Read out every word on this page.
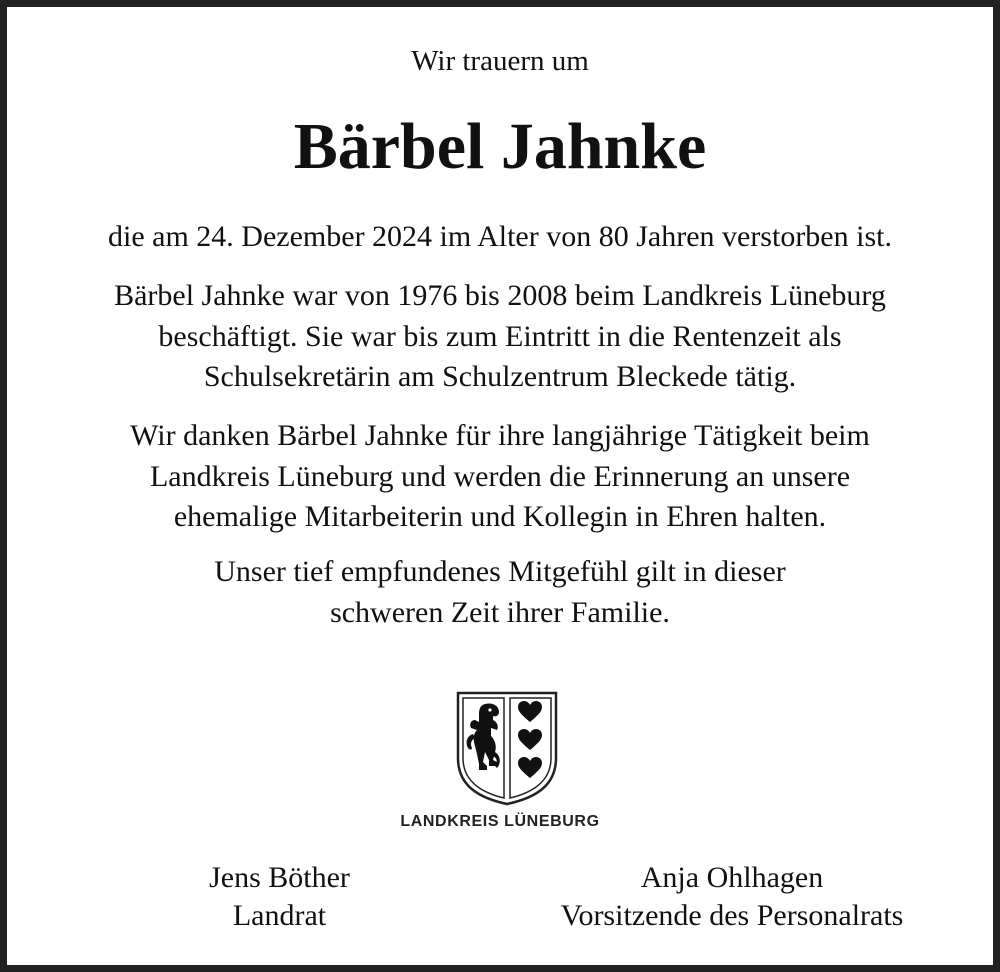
Wir trauern um
Bärbel Jahnke
die am 24. Dezember 2024 im Alter von 80 Jahren verstorben ist.
Bärbel Jahnke war von 1976 bis 2008 beim Landkreis Lüneburg
beschäftigt. Sie war bis zum Eintritt in die Rentenzeit als
Schulsekretärin am Schulzentrum Bleckede tätig.
Wir danken Bärbel Jahnke für ihre langjährige Tätigkeit beim
Landkreis Lüneburg und werden die Erinnerung an unsere
ehemalige Mitarbeiterin und Kollegin in Ehren halten.
Unser tief empfundenes Mitgefühl gilt in dieser
schweren Zeit ihrer Familie.
LANDKREIS LÜNEBURG
Jens Böther
Landrat
Anja Ohlhagen
Vorsitzende des Personalrats
